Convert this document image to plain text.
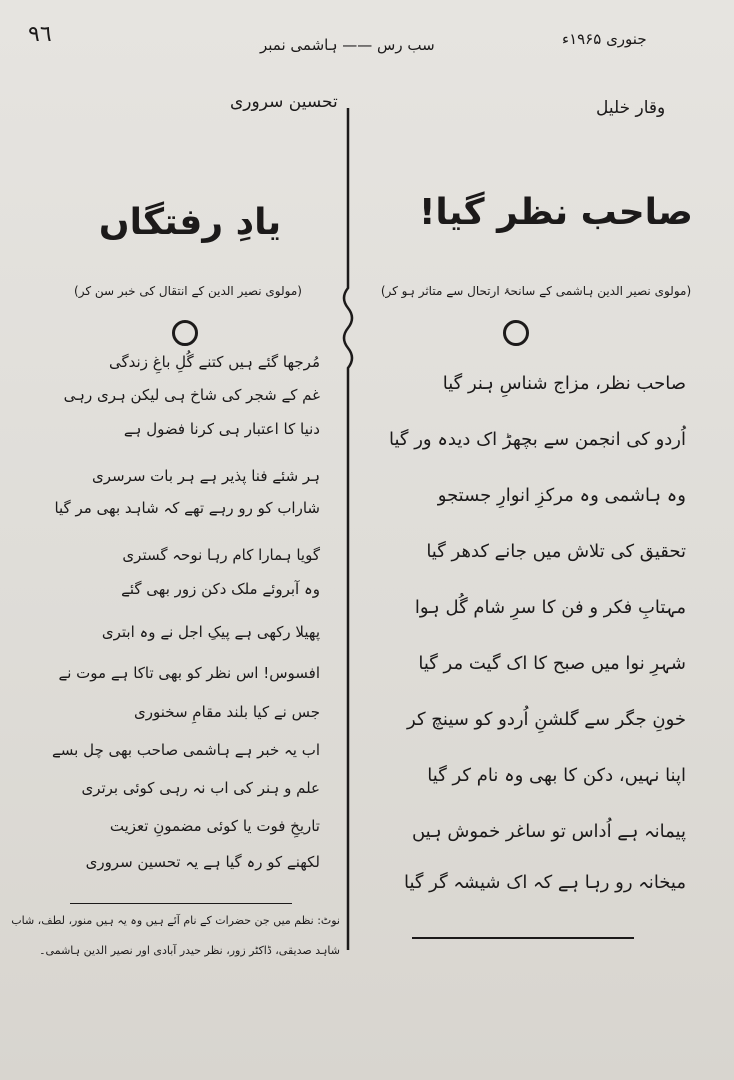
٩٦	سب رس —— ہاشمی نمبر	جنوری ۱۹۶۵ء
وقار خلیل
صاحب نظر گیا!
(مولوی نصیر الدین ہاشمی کے سانحۂ ارتحال سے متاثر ہو کر)
صاحب نظر، مزاج شناسِ ہنر گیا
اُردو کی انجمن سے بچھڑ اک دیدہ ور گیا
وہ ہاشمی وہ مرکزِ انوارِ جستجو
تحقیق کی تلاش میں جانے کدھر گیا
مہتابِ فکر و فن کا سرِ شام گُل ہوا
شہرِ نوا میں صبح کا اک گیت مر گیا
خونِ جگر سے گلشنِ اُردو کو سینچ کر
اپنا نہیں، دکن کا بھی وہ نام کر گیا
پیمانہ ہے اُداس تو ساغر خموش ہیں
میخانہ رو رہا ہے کہ اک شیشہ گر گیا
تحسین سروری
یادِ رفتگاں
(مولوی نصیر الدین کے انتقال کی خبر سن کر)
مُرجھا گئے ہیں کتنے گُلِ باغِ زندگی
غم کے شجر کی شاخ ہی لیکن ہری رہی
دنیا کا اعتبار ہی کرنا فضول ہے
ہر شئے فنا پذیر ہے ہر بات سرسری
شاراب کو رو رہے تھے کہ شاہد بھی مر گیا
گویا ہمارا کام رہا نوحہ گستری
وہ آبروئے ملک دکن زور بھی گئے
پھیلا رکھی ہے پیکِ اجل نے وہ ابتری
افسوس! اس نظر کو بھی تاکا ہے موت نے
جس نے کیا بلند مقامِ سخنوری
اب یہ خبر ہے ہاشمی صاحب بھی چل بسے
علم و ہنر کی اب نہ رہی کوئی برتری
تاریخِ فوت یا کوئی مضمونِ تعزیت
لکھنے کو رہ گیا ہے یہ تحسین سروری
نوٹ: نظم میں جن حضرات کے نام آئے ہیں وہ یہ ہیں منور، لطف، شاب
شاہد صدیقی، ڈاکٹر زور، نظر حیدر آبادی اور نصیر الدین ہاشمی۔
